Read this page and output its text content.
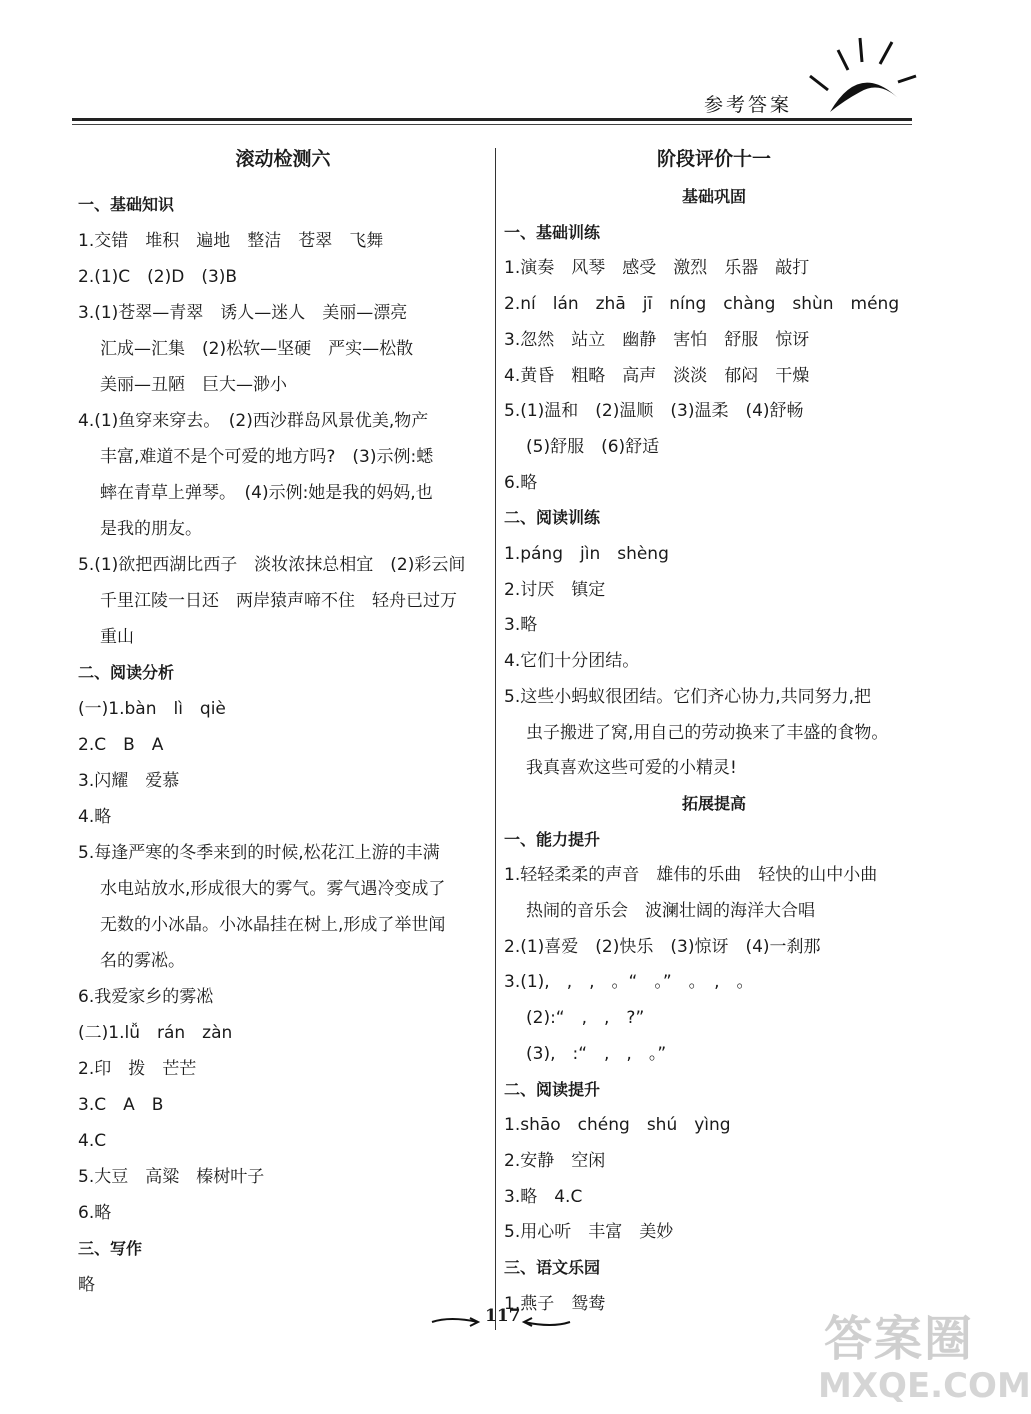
参考答案
滚动检测六
一、基础知识
1.交错　堆积　遍地　整洁　苍翠　飞舞
2.(1)C　(2)D　(3)B
3.(1)苍翠—青翠　诱人—迷人　美丽—漂亮
汇成—汇集　(2)松软—坚硬　严实—松散
美丽—丑陋　巨大—渺小
4.(1)鱼穿来穿去。　(2)西沙群岛风景优美,物产
丰富,难道不是个可爱的地方吗?　(3)示例:蟋
蟀在青草上弹琴。　(4)示例:她是我的妈妈,也
是我的朋友。
5.(1)欲把西湖比西子　淡妆浓抹总相宜　(2)彩云间
千里江陵一日还　两岸猿声啼不住　轻舟已过万
重山
二、阅读分析
(一)1.bàn　lì　qiè
2.C　B　A
3.闪耀　爱慕
4.略
5.每逢严寒的冬季来到的时候,松花江上游的丰满
水电站放水,形成很大的雾气。雾气遇冷变成了
无数的小冰晶。小冰晶挂在树上,形成了举世闻
名的雾凇。
6.我爱家乡的雾凇
(二)1.lǚ　rán　zàn
2.印　拨　芒芒
3.C　A　B
4.C
5.大豆　高粱　榛树叶子
6.略
三、写作
略
阶段评价十一
基础巩固
一、基础训练
1.演奏　风琴　感受　激烈　乐器　敲打
2.ní　lán　zhā　jī　níng　chàng　shùn　méng
3.忽然　站立　幽静　害怕　舒服　惊讶
4.黄昏　粗略　高声　淡淡　郁闷　干燥
5.(1)温和　(2)温顺　(3)温柔　(4)舒畅
(5)舒服　(6)舒适
6.略
二、阅读训练
1.páng　jìn　shèng
2.讨厌　镇定
3.略
4.它们十分团结。
5.这些小蚂蚁很团结。它们齐心协力,共同努力,把
虫子搬进了窝,用自己的劳动换来了丰盛的食物。
我真喜欢这些可爱的小精灵!
拓展提高
一、能力提升
1.轻轻柔柔的声音　雄伟的乐曲　轻快的山中小曲
热闹的音乐会　波澜壮阔的海洋大合唱
2.(1)喜爱　(2)快乐　(3)惊讶　(4)一刹那
3.(1),　,　,　。“　。”　。　,　。
(2):“　,　,　?”
(3),　:“　,　,　。”
二、阅读提升
1.shāo　chéng　shú　yìng
2.安静　空闲
3.略　4.C
5.用心听　丰富　美妙
三、语文乐园
1.燕子　鸳鸯
117	答案圈
MXQE.COM
